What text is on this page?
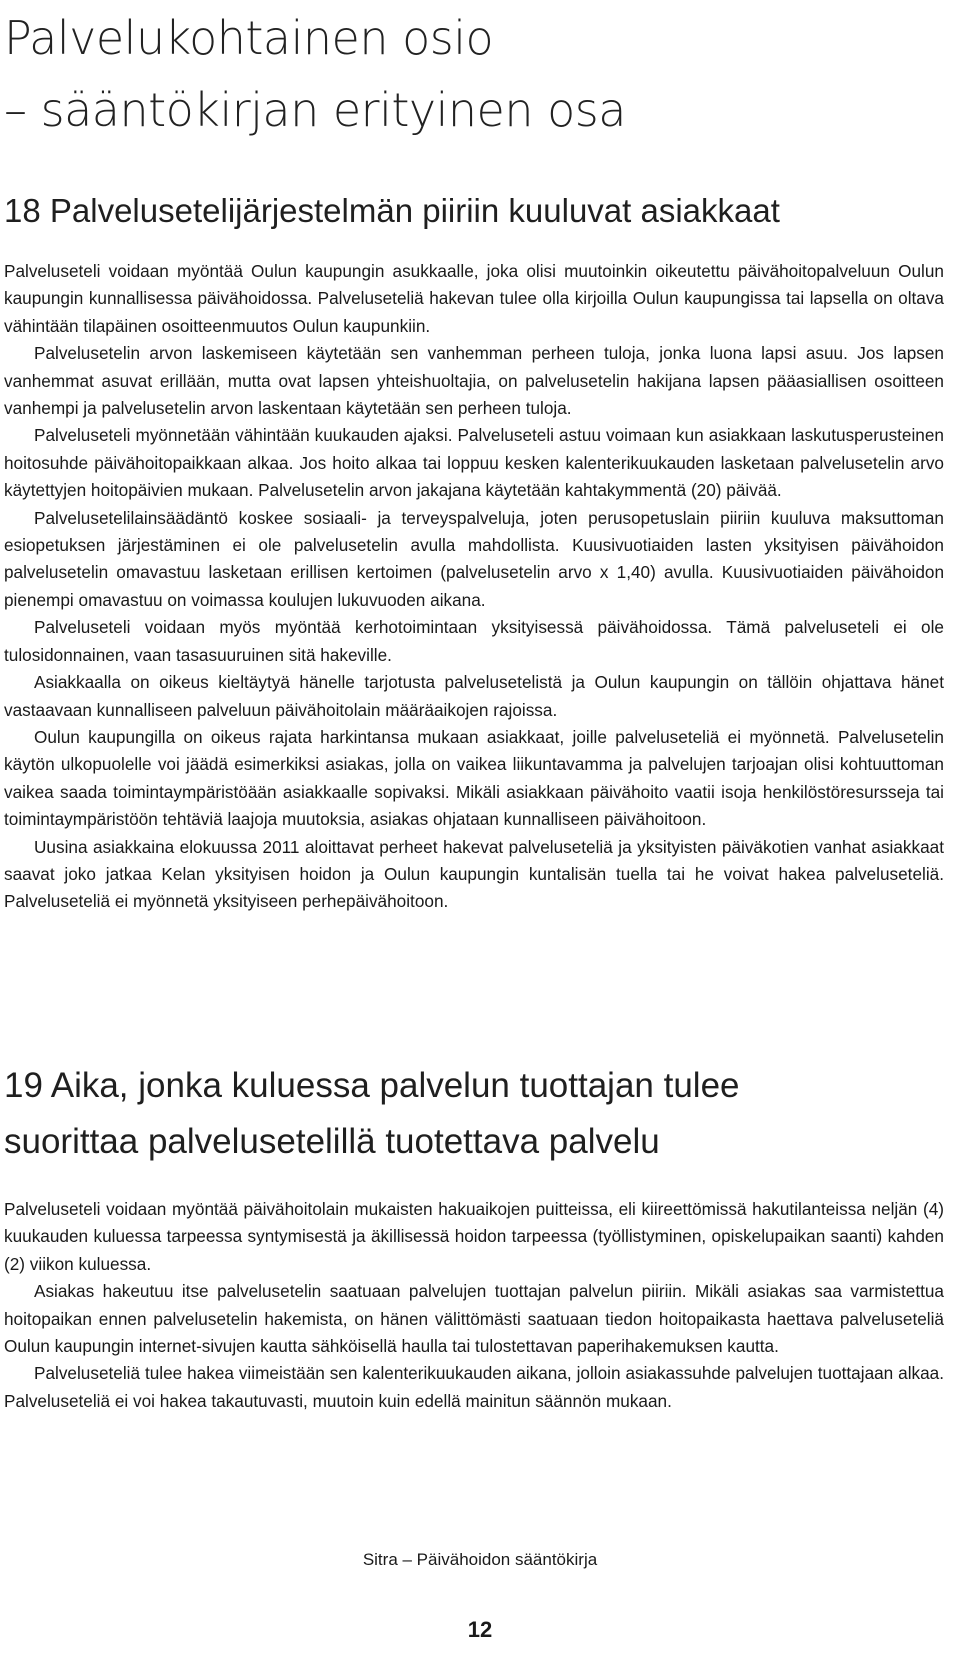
Palvelukohtainen osio
– sääntökirjan erityinen osa
18 Palvelusetelijärjestelmän piiriin kuuluvat asiakkaat

Palveluseteli voidaan myöntää Oulun kaupungin asukkaalle, joka olisi muutoinkin oikeutettu päivähoitopalveluun Oulun kaupungin kunnallisessa päivähoidossa. Palveluseteliä hakevan tulee olla kirjoilla Oulun kaupungissa tai lapsella on oltava vähintään tilapäinen osoitteenmuutos Oulun kaupunkiin.

Palvelusetelin arvon laskemiseen käytetään sen vanhemman perheen tuloja, jonka luona lapsi asuu. Jos lapsen vanhemmat asuvat erillään, mutta ovat lapsen yhteishuoltajia, on palvelusetelin hakijana lapsen pääasiallisen osoitteen vanhempi ja palvelusetelin arvon laskentaan käytetään sen perheen tuloja.

Palveluseteli myönnetään vähintään kuukauden ajaksi. Palveluseteli astuu voimaan kun asiakkaan laskutusperusteinen hoitosuhde päivähoitopaikkaan alkaa. Jos hoito alkaa tai loppuu kesken kalenterikuukauden lasketaan palvelusetelin arvo käytettyjen hoitopäivien mukaan. Palvelusetelin arvon jakajana käytetään kahtakymmentä (20) päivää.

Palvelusetelilainsäädäntö koskee sosiaali- ja terveyspalveluja, joten perusopetuslain piiriin kuuluva maksuttoman esiopetuksen järjestäminen ei ole palvelusetelin avulla mahdollista. Kuusivuotiaiden lasten yksityisen päivähoidon palvelusetelin omavastuu lasketaan erillisen kertoimen (palvelusetelin arvo x 1,40) avulla. Kuusivuotiaiden päivähoidon pienempi omavastuu on voimassa koulujen lukuvuoden aikana.

Palveluseteli voidaan myös myöntää kerhotoimintaan yksityisessä päivähoidossa. Tämä palveluseteli ei ole tulosidonnainen, vaan tasasuuruinen sitä hakeville.

Asiakkaalla on oikeus kieltäytyä hänelle tarjotusta palvelusetelistä ja Oulun kaupungin on tällöin ohjattava hänet vastaavaan kunnalliseen palveluun päivähoitolain määräaikojen rajoissa.

Oulun kaupungilla on oikeus rajata harkintansa mukaan asiakkaat, joille palveluseteliä ei myönnetä. Palvelusetelin käytön ulkopuolelle voi jäädä esimerkiksi asiakas, jolla on vaikea liikuntavamma ja palvelujen tarjoajan olisi kohtuuttoman vaikea saada toimintaympäristöään asiakkaalle sopivaksi. Mikäli asiakkaan päivähoito vaatii isoja henkilöstöresursseja tai toimintaympäristöön tehtäviä laajoja muutoksia, asiakas ohjataan kunnalliseen päivähoitoon.

Uusina asiakkaina elokuussa 2011 aloittavat perheet hakevat palveluseteliä ja yksityisten päiväkotien vanhat asiakkaat saavat joko jatkaa Kelan yksityisen hoidon ja Oulun kaupungin kuntalisän tuella tai he voivat hakea palveluseteliä. Palveluseteliä ei myönnetä yksityiseen perhepäivähoitoon.

19 Aika, jonka kuluessa palvelun tuottajan tulee
suorittaa palvelusetelillä tuotettava palvelu

Palveluseteli voidaan myöntää päivähoitolain mukaisten hakuaikojen puitteissa, eli kiireettömissä hakutilanteissa neljän (4) kuukauden kuluessa tarpeessa syntymisestä ja äkillisessä hoidon tarpeessa (työllistyminen, opiskelupaikan saanti) kahden (2) viikon kuluessa.

Asiakas hakeutuu itse palvelusetelin saatuaan palvelujen tuottajan palvelun piiriin. Mikäli asiakas saa varmistettua hoitopaikan ennen palvelusetelin hakemista, on hänen välittömästi saatuaan tiedon hoitopaikasta haettava palveluseteliä Oulun kaupungin internet-sivujen kautta sähköisellä haulla tai tulostettavan paperihakemuksen kautta.

Palveluseteliä tulee hakea viimeistään sen kalenterikuukauden aikana, jolloin asiakassuhde palvelujen tuottajaan alkaa. Palveluseteliä ei voi hakea takautuvasti, muutoin kuin edellä mainitun säännön mukaan.

Sitra – Päivähoidon sääntökirja
12
